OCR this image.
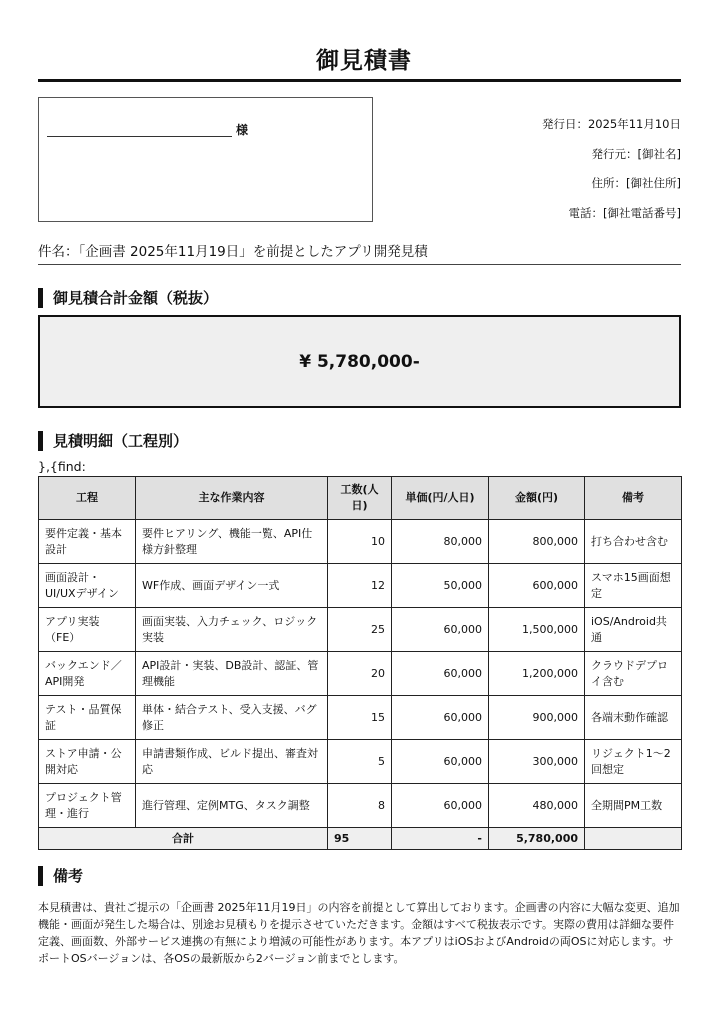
御見積書
様	発行日：2025年11月10日
発行元：[御社名]
住所：[御社住所]
電話：[御社電話番号]
件名：「企画書 2025年11月19日」を前提としたアプリ開発見積
御見積合計金額（税抜）
¥ 5,780,000-
見積明細（工程別）
},{find:
工程	主な作業内容	工数(人日)	単価(円/人日)	金額(円)	備考
要件定義・基本設計	要件ヒアリング、機能一覧、API仕様方針整理	10	80,000	800,000	打ち合わせ含む
画面設計・UI/UXデザイン	WF作成、画面デザイン一式	12	50,000	600,000	スマホ15画面想定
アプリ実装（FE）	画面実装、入力チェック、ロジック実装	25	60,000	1,500,000	iOS/Android共通
バックエンド／API開発	API設計・実装、DB設計、認証、管理機能	20	60,000	1,200,000	クラウドデプロイ含む
テスト・品質保証	単体・結合テスト、受入支援、バグ修正	15	60,000	900,000	各端末動作確認
ストア申請・公開対応	申請書類作成、ビルド提出、審査対応	5	60,000	300,000	リジェクト1〜2回想定
プロジェクト管理・進行	進行管理、定例MTG、タスク調整	8	60,000	480,000	全期間PM工数
合計		95	-	5,780,000	
備考
本見積書は、貴社ご提示の「企画書 2025年11月19日」の内容を前提として算出しております。企画書の内容に大幅な変更、追加機能・画面が発生した場合は、別途お見積もりを提示させていただきます。金額はすべて税抜表示です。実際の費用は詳細な要件定義、画面数、外部サービス連携の有無により増減の可能性があります。本アプリはiOSおよびAndroidの両OSに対応します。サポートOSバージョンは、各OSの最新版から2バージョン前までとします。
